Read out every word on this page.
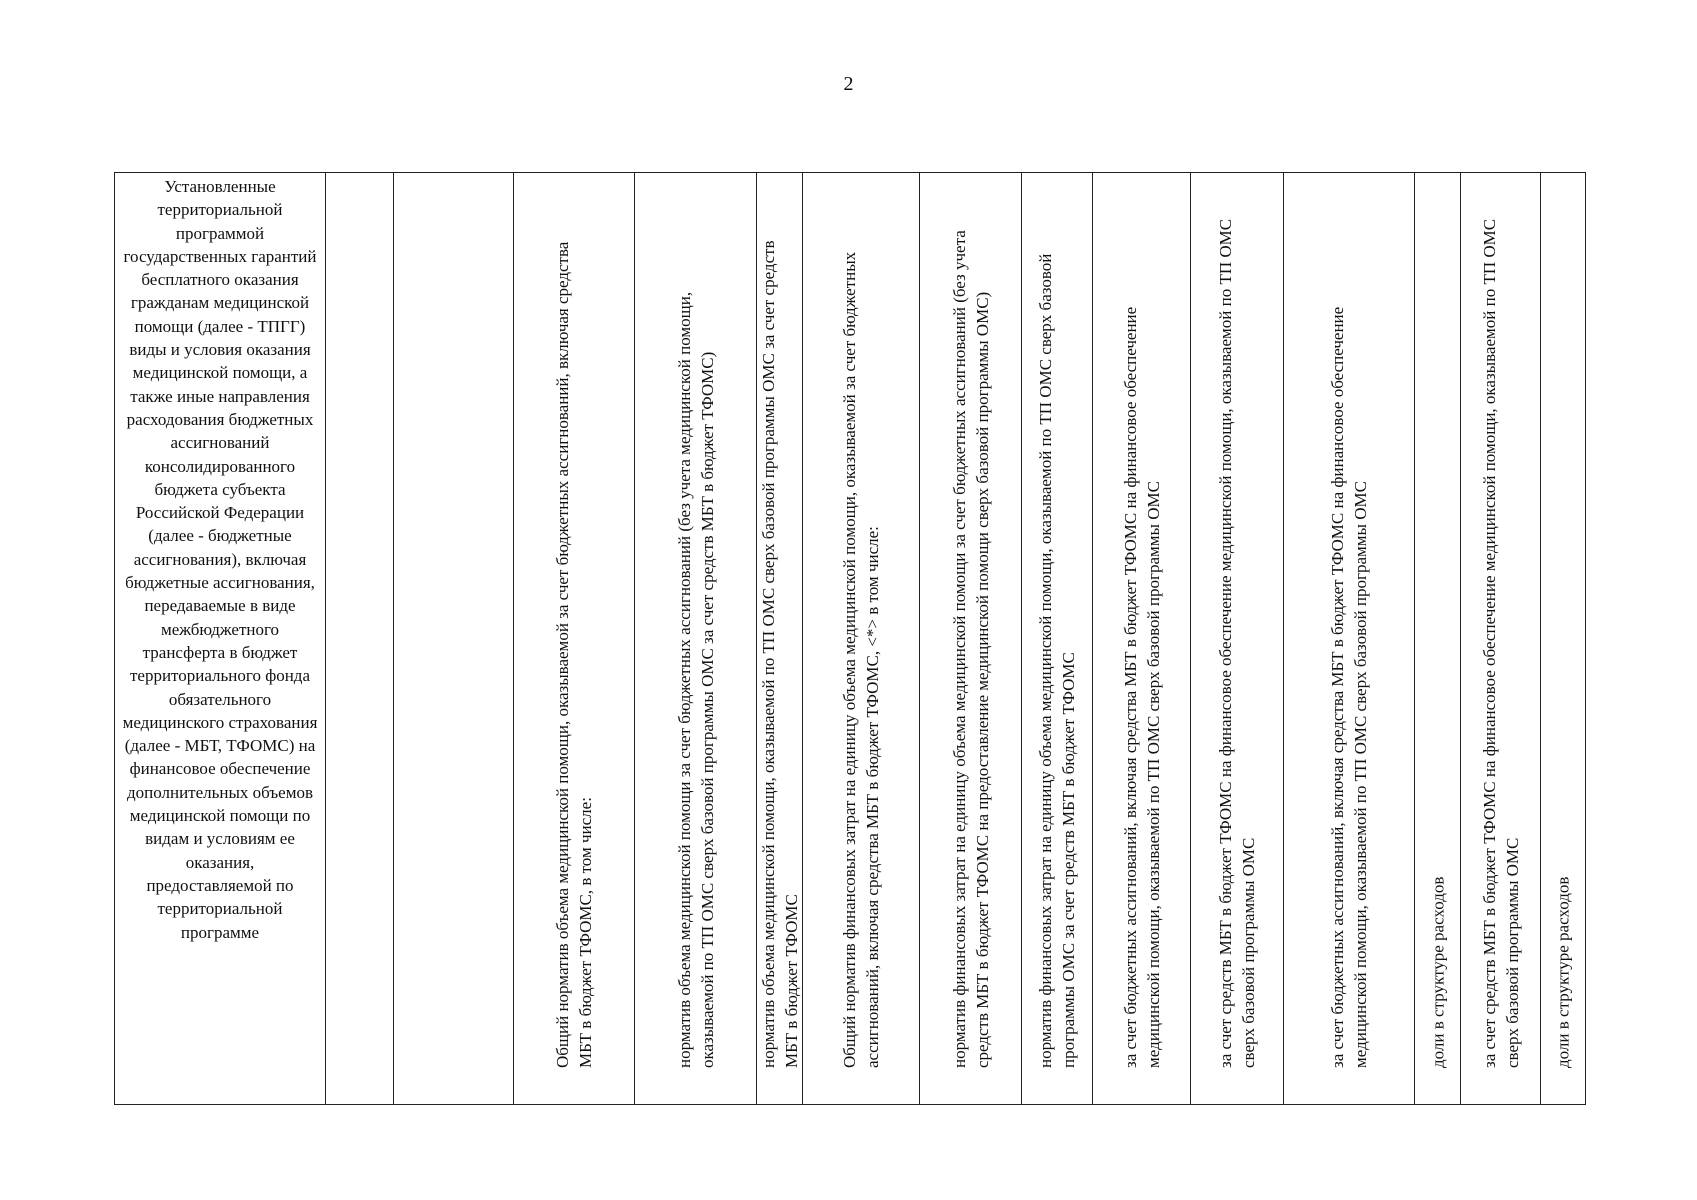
2
Установленные территориальной программой государственных гарантий бесплатного оказания гражданам медицинской помощи (далее - ТПГГ) виды и условия оказания медицинской помощи, а также иные направления расходования бюджетных ассигнований консолидированного бюджета субъекта Российской Федерации (далее - бюджетные ассигнования), включая бюджетные ассигнования, передаваемые в виде межбюджетного трансферта в бюджет территориального фонда обязательного медицинского страхования (далее - МБТ, ТФОМС) на финансовое обеспечение дополнительных объемов медицинской помощи по видам и условиям ее оказания, предоставляемой по территориальной программе			Общий норматив объема медицинской помощи, оказываемой за счет бюджетных ассигнований, включая средства МБТ в бюджет ТФОМС, в том числе:	норматив объема медицинской помощи за счет бюджетных ассигнований (без учета медицинской помощи, оказываемой по ТП ОМС сверх базовой программы ОМС за счет средств МБТ в бюджет ТФОМС)	норматив объема медицинской помощи, оказываемой по ТП ОМС сверх базовой программы ОМС за счет средств МБТ в бюджет ТФОМС	Общий норматив финансовых затрат на единицу объема медицинской помощи, оказываемой за счет бюджетных ассигнований, включая средства МБТ в бюджет ТФОМС, <*> в том числе:	норматив финансовых затрат на единицу объема медицинской помощи за счет бюджетных ассигнований (без учета средств МБТ в бюджет ТФОМС на предоставление медицинской помощи сверх базовой программы ОМС)	норматив финансовых затрат на единицу объема медицинской помощи, оказываемой по ТП ОМС сверх базовой программы ОМС за счет средств МБТ в бюджет ТФОМС	за счет бюджетных ассигнований, включая средства МБТ в бюджет ТФОМС на финансовое обеспечение медицинской помощи, оказываемой по ТП ОМС сверх базовой программы ОМС	за счет средств МБТ в бюджет ТФОМС на финансовое обеспечение медицинской помощи, оказываемой по ТП ОМС сверх базовой программы ОМС	за счет бюджетных ассигнований, включая средства МБТ в бюджет ТФОМС на финансовое обеспечение медицинской помощи, оказываемой по ТП ОМС сверх базовой программы ОМС	доли в структуре расходов	за счет средств МБТ в бюджет ТФОМС на финансовое обеспечение медицинской помощи, оказываемой по ТП ОМС сверх базовой программы ОМС	доли в структуре расходов
